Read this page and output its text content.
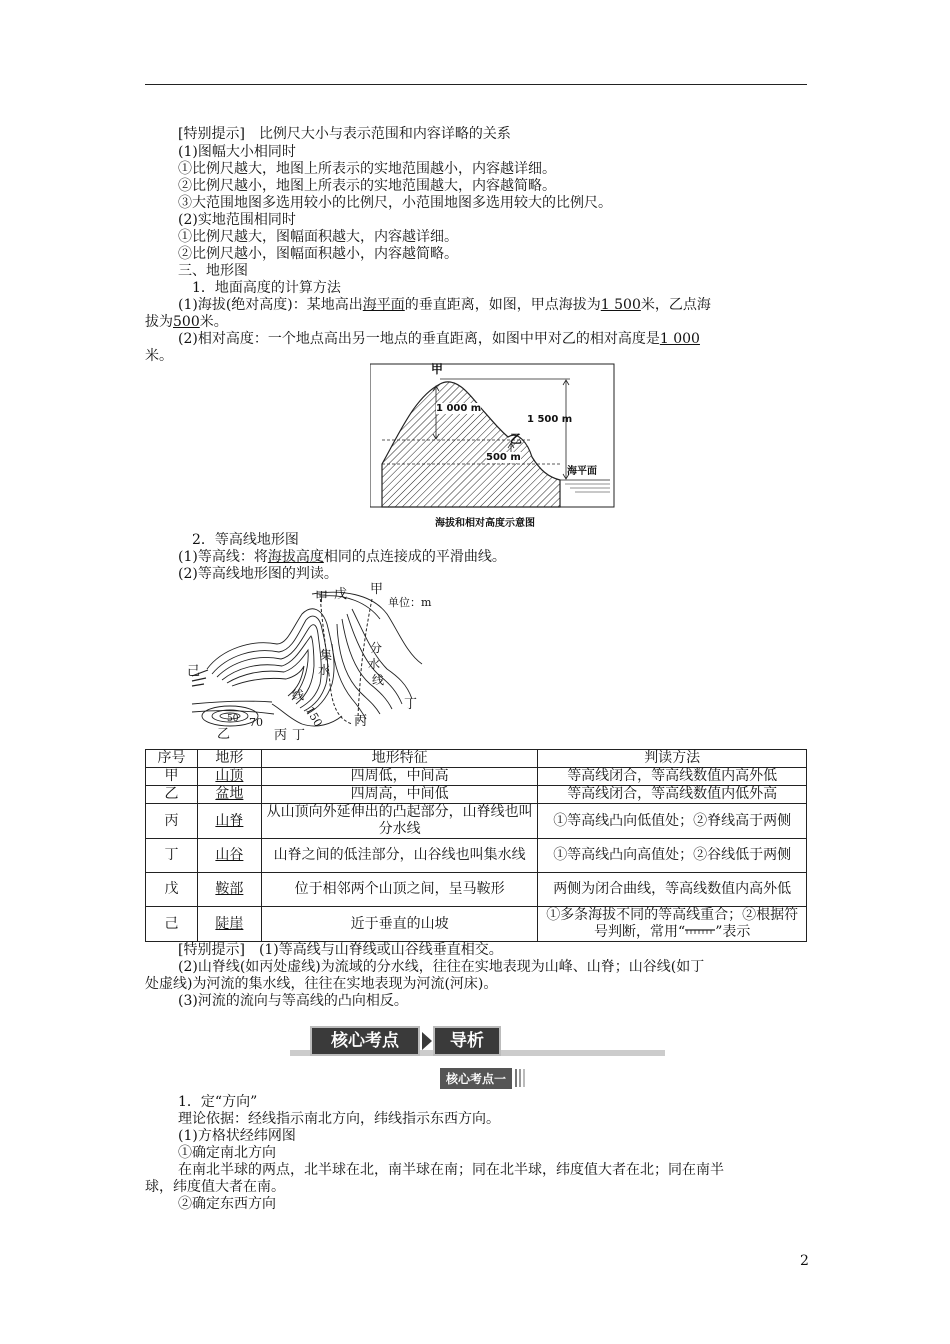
[特别提示]　 比例尺大小与表示范围和内容详略的关系
(1)图幅大小相同时
①比例尺越大，地图上所表示的实地范围越小，内容越详细。
②比例尺越小，地图上所表示的实地范围越大，内容越简略。
③大范围地图多选用较小的比例尺，小范围地图多选用较大的比例尺。
(2)实地范围相同时
①比例尺越大，图幅面积越大，内容越详细。
②比例尺越小，图幅面积越小，内容越简略。
三、地形图
1．地面高度的计算方法
(1)海拔(绝对高度)：某地高出海平面的垂直距离，如图，甲点海拔为1 500米，乙点海
拔为500米。
(2)相对高度：一个地点高出另一地点的垂直距离，如图中甲对乙的相对高度是1 000
米。
甲
1 000 m
1 500 m
乙
500 m
海平面
海拔和相对高度示意图
2．等高线地形图
(1)等高线：将海拔高度相同的点连接成的平滑曲线。
(2)等高线地形图的判读。
甲 戊 甲
单位：m
集
水
线
分
水
线
己
乙	丙 丁
丙
丁
50 70	150
序号	地形	地形特征	判读方法
甲	山顶	四周低，中间高	等高线闭合，等高线数值内高外低
乙	盆地	四周高，中间低	等高线闭合，等高线数值内低外高
丙	山脊	从山顶向外延伸出的凸起部分，山脊线也叫分水线	①等高线凸向低值处；②脊线高于两侧
丁	山谷	山脊之间的低洼部分，山谷线也叫集水线	①等高线凸向高值处；②谷线低于两侧
戊	鞍部	位于相邻两个山顶之间，呈马鞍形	两侧为闭合曲线，等高线数值内高外低
己	陡崖	近于垂直的山坡	①多条海拔不同的等高线重合；②根据符号判断，常用“ ”表示
[特别提示]　 (1)等高线与山脊线或山谷线垂直相交。
(2)山脊线(如丙处虚线)为流域的分水线，往往在实地表现为山峰、山脊；山谷线(如丁
处虚线)为河流的集水线，往往在实地表现为河流(河床)。
(3)河流的流向与等高线的凸向相反。
核心考点	导析
核心考点一
1．定“方向”
理论依据：经线指示南北方向，纬线指示东西方向。
(1)方格状经纬网图
①确定南北方向
在南北半球的两点，北半球在北，南半球在南；同在北半球，纬度值大者在北；同在南半
球，纬度值大者在南。
②确定东西方向
2
